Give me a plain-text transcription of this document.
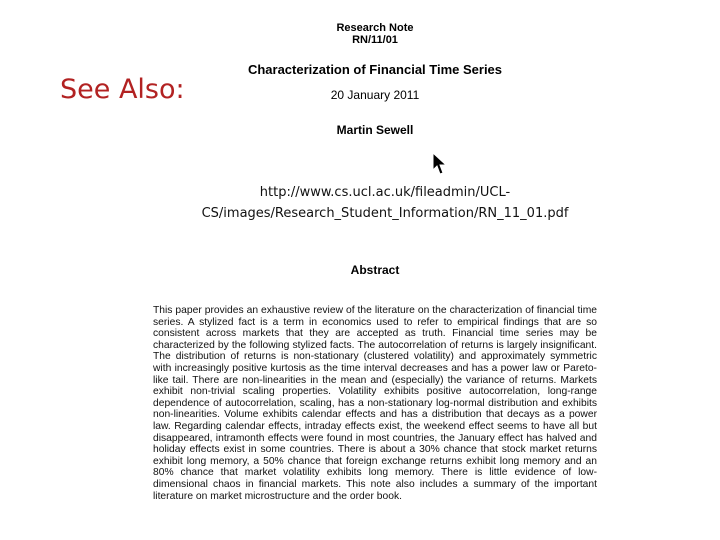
See Also:
Research Note
RN/11/01
Characterization of Financial Time Series
20 January 2011
Martin Sewell
Abstract
This paper provides an exhaustive review of the literature on the characterization of financial time series. A stylized fact is a term in economics used to refer to empirical findings that are so consistent across markets that they are accepted as truth. Financial time series may be characterized by the following stylized facts. The autocorrelation of returns is largely insignificant. The distribution of returns is non-stationary (clustered volatility) and approximately symmetric with increasingly positive kurtosis as the time interval decreases and has a power law or Pareto-like tail. There are non-linearities in the mean and (especially) the variance of returns. Markets exhibit non-trivial scaling properties. Volatility exhibits positive autocorrelation, long-range dependence of autocorrelation, scaling, has a non-stationary log-normal distribution and exhibits non-linearities. Volume exhibits calendar effects and has a distribution that decays as a power law. Regarding calendar effects, intraday effects exist, the weekend effect seems to have all but disappeared, intramonth effects were found in most countries, the January effect has halved and holiday effects exist in some countries. There is about a 30% chance that stock market returns exhibit long memory, a 50% chance that foreign exchange returns exhibit long memory and an 80% chance that market volatility exhibits long memory. There is little evidence of low-dimensional chaos in financial markets. This note also includes a summary of the important literature on market microstructure and the order book.
http://www.cs.ucl.ac.uk/fileadmin/UCL-
CS/images/Research_Student_Information/RN_11_01.pdf
